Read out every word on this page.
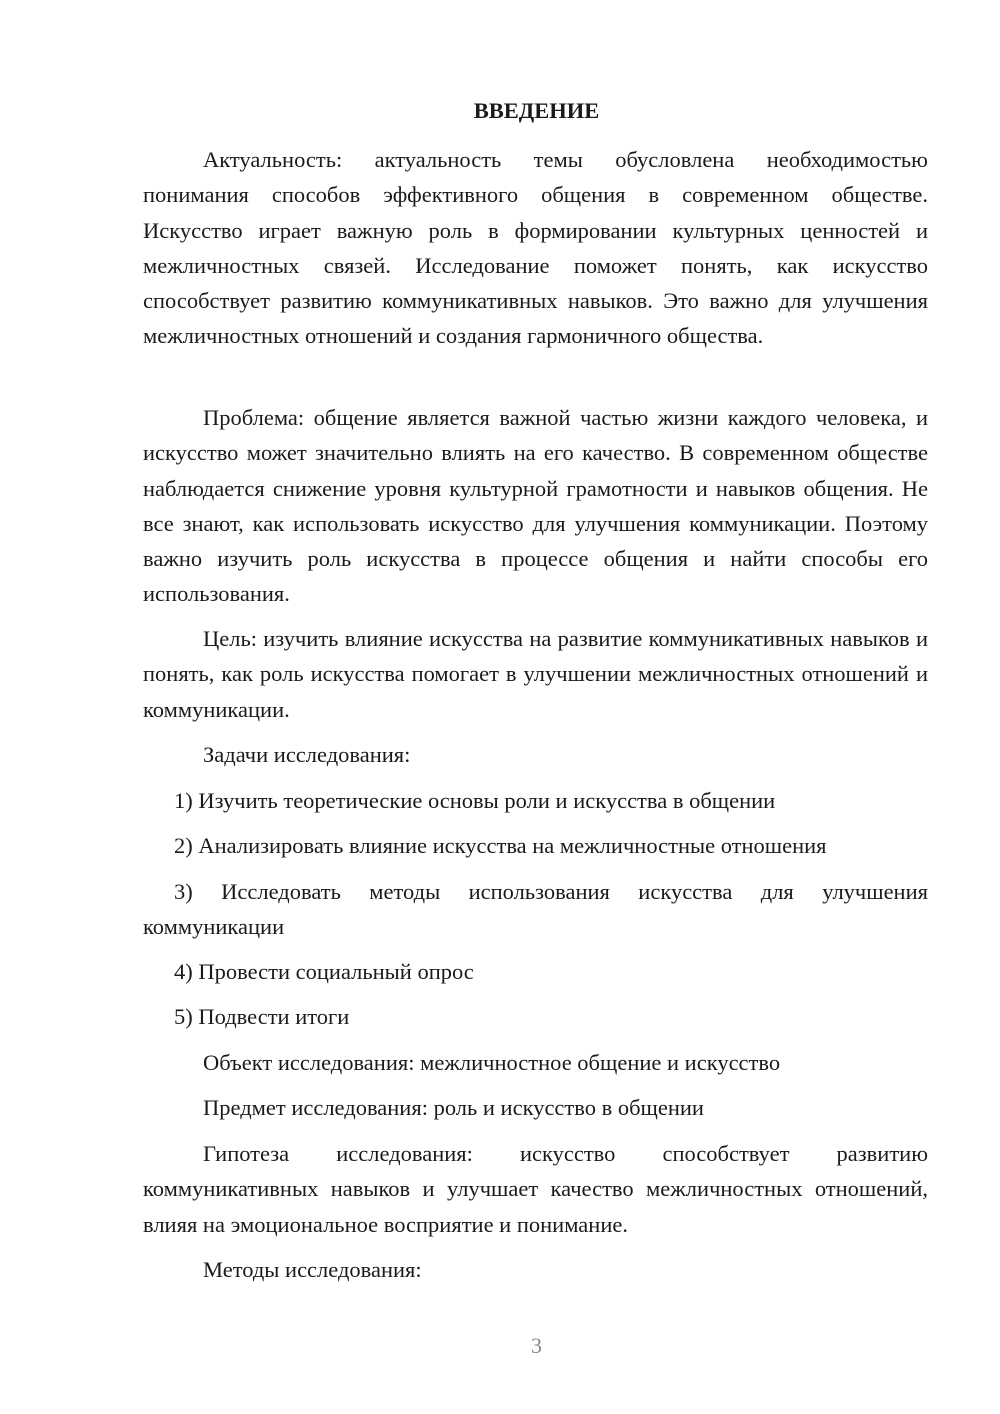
ВВЕДЕНИЕ

Актуальность: актуальность темы обусловлена необходимостью понимания способов эффективного общения в современном обществе. Искусство играет важную роль в формировании культурных ценностей и межличностных связей. Исследование поможет понять, как искусство способствует развитию коммуникативных навыков. Это важно для улучшения межличностных отношений и создания гармоничного общества.

Проблема: общение является важной частью жизни каждого человека, и искусство может значительно влиять на его качество. В современном обществе наблюдается снижение уровня культурной грамотности и навыков общения. Не все знают, как использовать искусство для улучшения коммуникации. Поэтому важно изучить роль искусства в процессе общения и найти способы его использования.

Цель: изучить влияние искусства на развитие коммуникативных навыков и понять, как роль искусства помогает в улучшении межличностных отношений и коммуникации.

Задачи исследования:

1) Изучить теоретические основы роли и искусства в общении

2) Анализировать влияние искусства на межличностные отношения

3) Исследовать методы использования искусства для улучшения коммуникации

4) Провести социальный опрос

5) Подвести итоги

Объект исследования: межличностное общение и искусство

Предмет исследования: роль и искусство в общении

Гипотеза исследования: искусство способствует развитию коммуникативных навыков и улучшает качество межличностных отношений, влияя на эмоциональное восприятие и понимание.

Методы исследования:

3
